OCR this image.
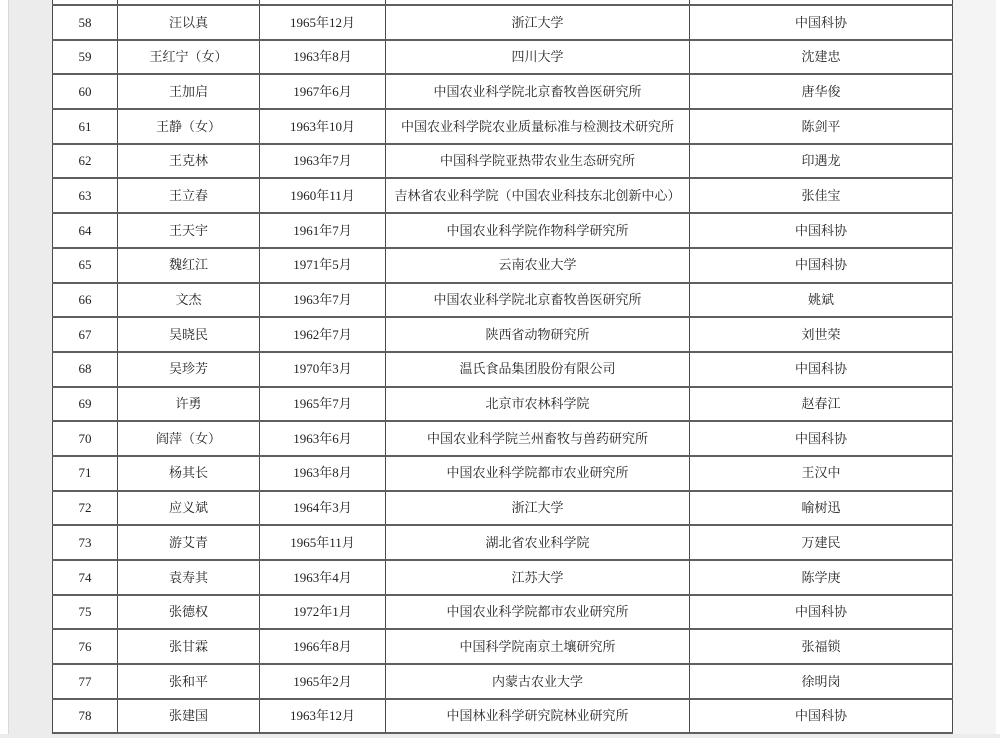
58	汪以真	1965年12月	浙江大学	中国科协
59	王红宁（女）	1963年8月	四川大学	沈建忠
60	王加启	1967年6月	中国农业科学院北京畜牧兽医研究所	唐华俊
61	王静（女）	1963年10月	中国农业科学院农业质量标准与检测技术研究所	陈剑平
62	王克林	1963年7月	中国科学院亚热带农业生态研究所	印遇龙
63	王立春	1960年11月	吉林省农业科学院（中国农业科技东北创新中心）	张佳宝
64	王天宇	1961年7月	中国农业科学院作物科学研究所	中国科协
65	魏红江	1971年5月	云南农业大学	中国科协
66	文杰	1963年7月	中国农业科学院北京畜牧兽医研究所	姚斌
67	吴晓民	1962年7月	陕西省动物研究所	刘世荣
68	吴珍芳	1970年3月	温氏食品集团股份有限公司	中国科协
69	许勇	1965年7月	北京市农林科学院	赵春江
70	阎萍（女）	1963年6月	中国农业科学院兰州畜牧与兽药研究所	中国科协
71	杨其长	1963年8月	中国农业科学院都市农业研究所	王汉中
72	应义斌	1964年3月	浙江大学	喻树迅
73	游艾青	1965年11月	湖北省农业科学院	万建民
74	袁寿其	1963年4月	江苏大学	陈学庚
75	张德权	1972年1月	中国农业科学院都市农业研究所	中国科协
76	张甘霖	1966年8月	中国科学院南京土壤研究所	张福锁
77	张和平	1965年2月	内蒙古农业大学	徐明岗
78	张建国	1963年12月	中国林业科学研究院林业研究所	中国科协
